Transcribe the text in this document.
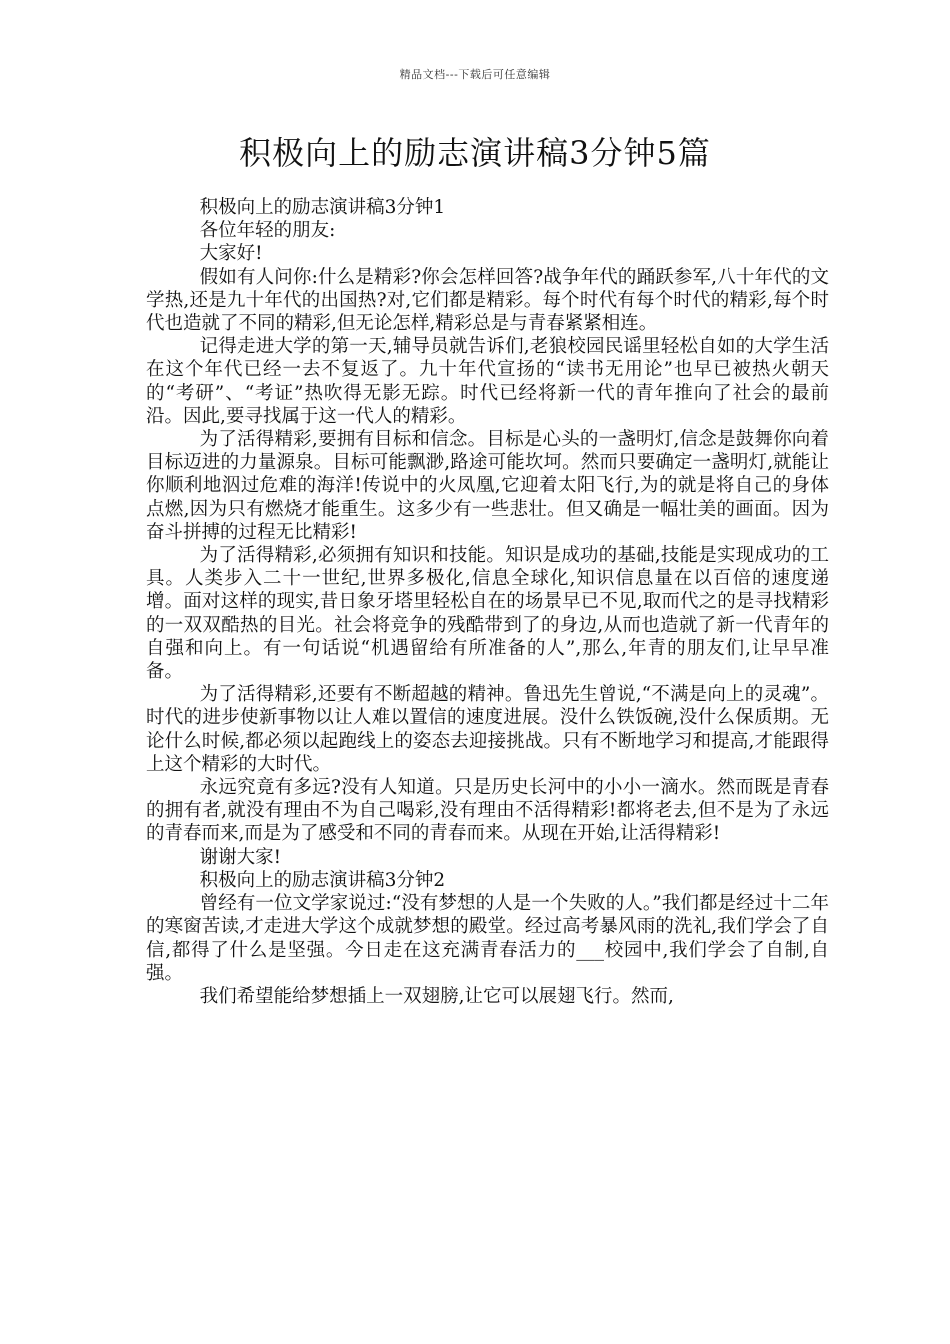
精品文档---下载后可任意编辑
积极向上的励志演讲稿3分钟5篇

积极向上的励志演讲稿3分钟1

各位年轻的朋友:

大家好!

假如有人问你:什么是精彩?你会怎样回答?战争年代的踊跃参军,八十年代的文学热,还是九十年代的出国热?对,它们都是精彩。每个时代有每个时代的精彩,每个时代也造就了不同的精彩,但无论怎样,精彩总是与青春紧紧相连。

记得走进大学的第一天,辅导员就告诉们,老狼校园民谣里轻松自如的大学生活在这个年代已经一去不复返了。九十年代宣扬的“读书无用论”也早已被热火朝天的“考研”、“考证”热吹得无影无踪。时代已经将新一代的青年推向了社会的最前沿。因此,要寻找属于这一代人的精彩。

为了活得精彩,要拥有目标和信念。目标是心头的一盏明灯,信念是鼓舞你向着目标迈进的力量源泉。目标可能飘渺,路途可能坎坷。然而只要确定一盏明灯,就能让你顺利地泅过危难的海洋!传说中的火凤凰,它迎着太阳飞行,为的就是将自己的身体点燃,因为只有燃烧才能重生。这多少有一些悲壮。但又确是一幅壮美的画面。因为奋斗拼搏的过程无比精彩!

为了活得精彩,必须拥有知识和技能。知识是成功的基础,技能是实现成功的工具。人类步入二十一世纪,世界多极化,信息全球化,知识信息量在以百倍的速度递增。面对这样的现实,昔日象牙塔里轻松自在的场景早已不见,取而代之的是寻找精彩的一双双酷热的目光。社会将竞争的残酷带到了的身边,从而也造就了新一代青年的自强和向上。有一句话说“机遇留给有所准备的人”,那么,年青的朋友们,让早早准备。

为了活得精彩,还要有不断超越的精神。鲁迅先生曾说,“不满是向上的灵魂”。时代的进步使新事物以让人难以置信的速度进展。没什么铁饭碗,没什么保质期。无论什么时候,都必须以起跑线上的姿态去迎接挑战。只有不断地学习和提高,才能跟得上这个精彩的大时代。

永远究竟有多远?没有人知道。只是历史长河中的小小一滴水。然而既是青春的拥有者,就没有理由不为自己喝彩,没有理由不活得精彩!都将老去,但不是为了永远的青春而来,而是为了感受和不同的青春而来。从现在开始,让活得精彩!

谢谢大家!

积极向上的励志演讲稿3分钟2

曾经有一位文学家说过:“没有梦想的人是一个失败的人。”我们都是经过十二年的寒窗苦读,才走进大学这个成就梦想的殿堂。经过高考暴风雨的洗礼,我们学会了自信,都得了什么是坚强。今日走在这充满青春活力的___校园中,我们学会了自制,自强。

我们希望能给梦想插上一双翅膀,让它可以展翅飞行。然而,
